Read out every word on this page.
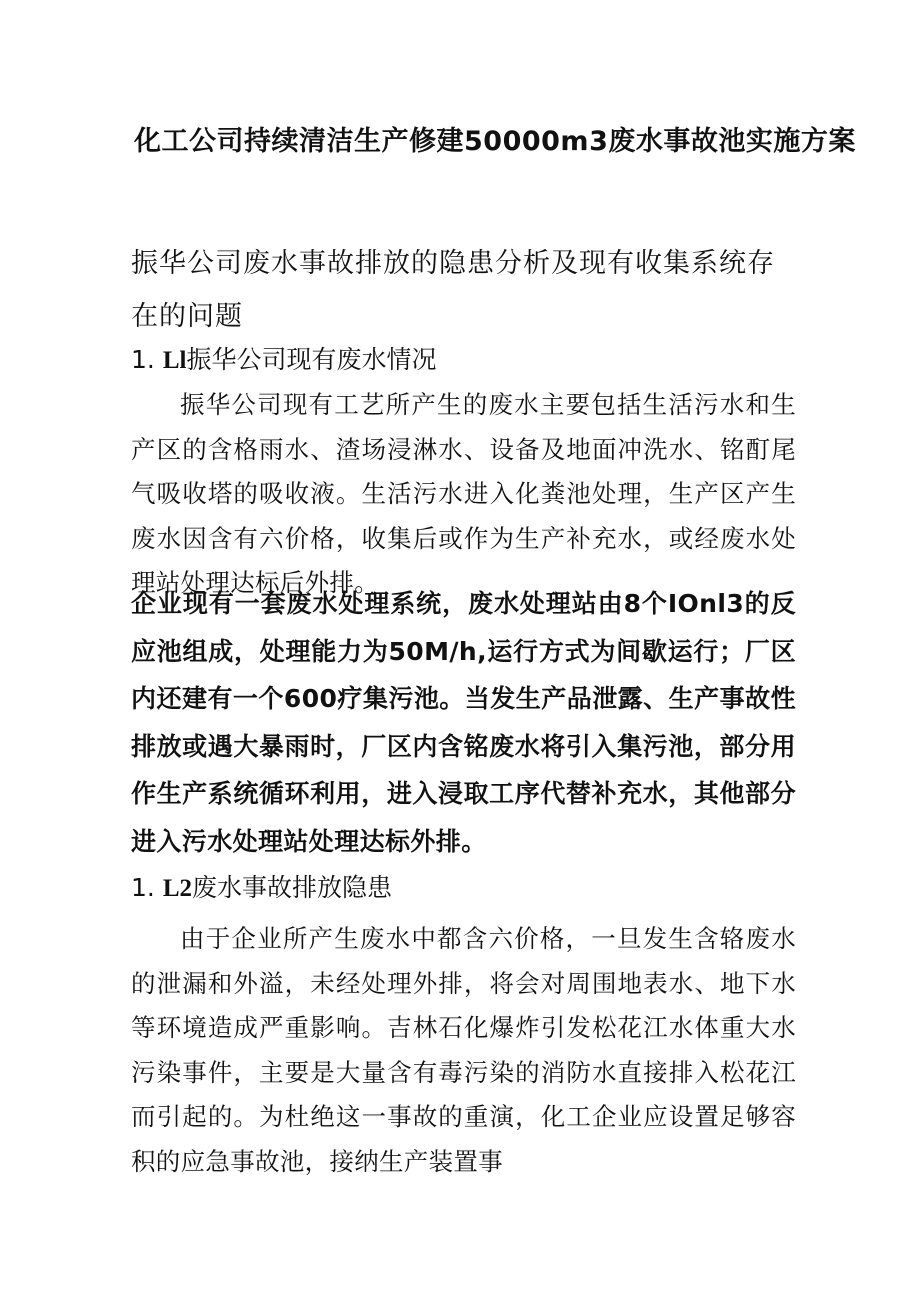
化工公司持续清洁生产修建50000m3废水事故池实施方案
振华公司废水事故排放的隐患分析及现有收集系统存在的问题
1. Ll振华公司现有废水情况
振华公司现有工艺所产生的废水主要包括生活污水和生产区的含格雨水、渣场浸淋水、设备及地面冲洗水、铭酊尾气吸收塔的吸收液。生活污水进入化粪池处理，生产区产生废水因含有六价格，收集后或作为生产补充水，或经废水处理站处理达标后外排。
企业现有一套废水处理系统，废水处理站由8个IOnl3的反应池组成，处理能力为50M∕h,运行方式为间歇运行；厂区内还建有一个600疗集污池。当发生产品泄露、生产事故性排放或遇大暴雨时，厂区内含铭废水将引入集污池，部分用作生产系统循环利用，进入浸取工序代替补充水，其他部分进入污水处理站处理达标外排。
1. L2废水事故排放隐患
由于企业所产生废水中都含六价格，一旦发生含辂废水的泄漏和外溢，未经处理外排，将会对周围地表水、地下水等环境造成严重影响。吉林石化爆炸引发松花江水体重大水污染事件，主要是大量含有毒污染的消防水直接排入松花江而引起的。为杜绝这一事故的重演，化工企业应设置足够容积的应急事故池，接纳生产装置事
